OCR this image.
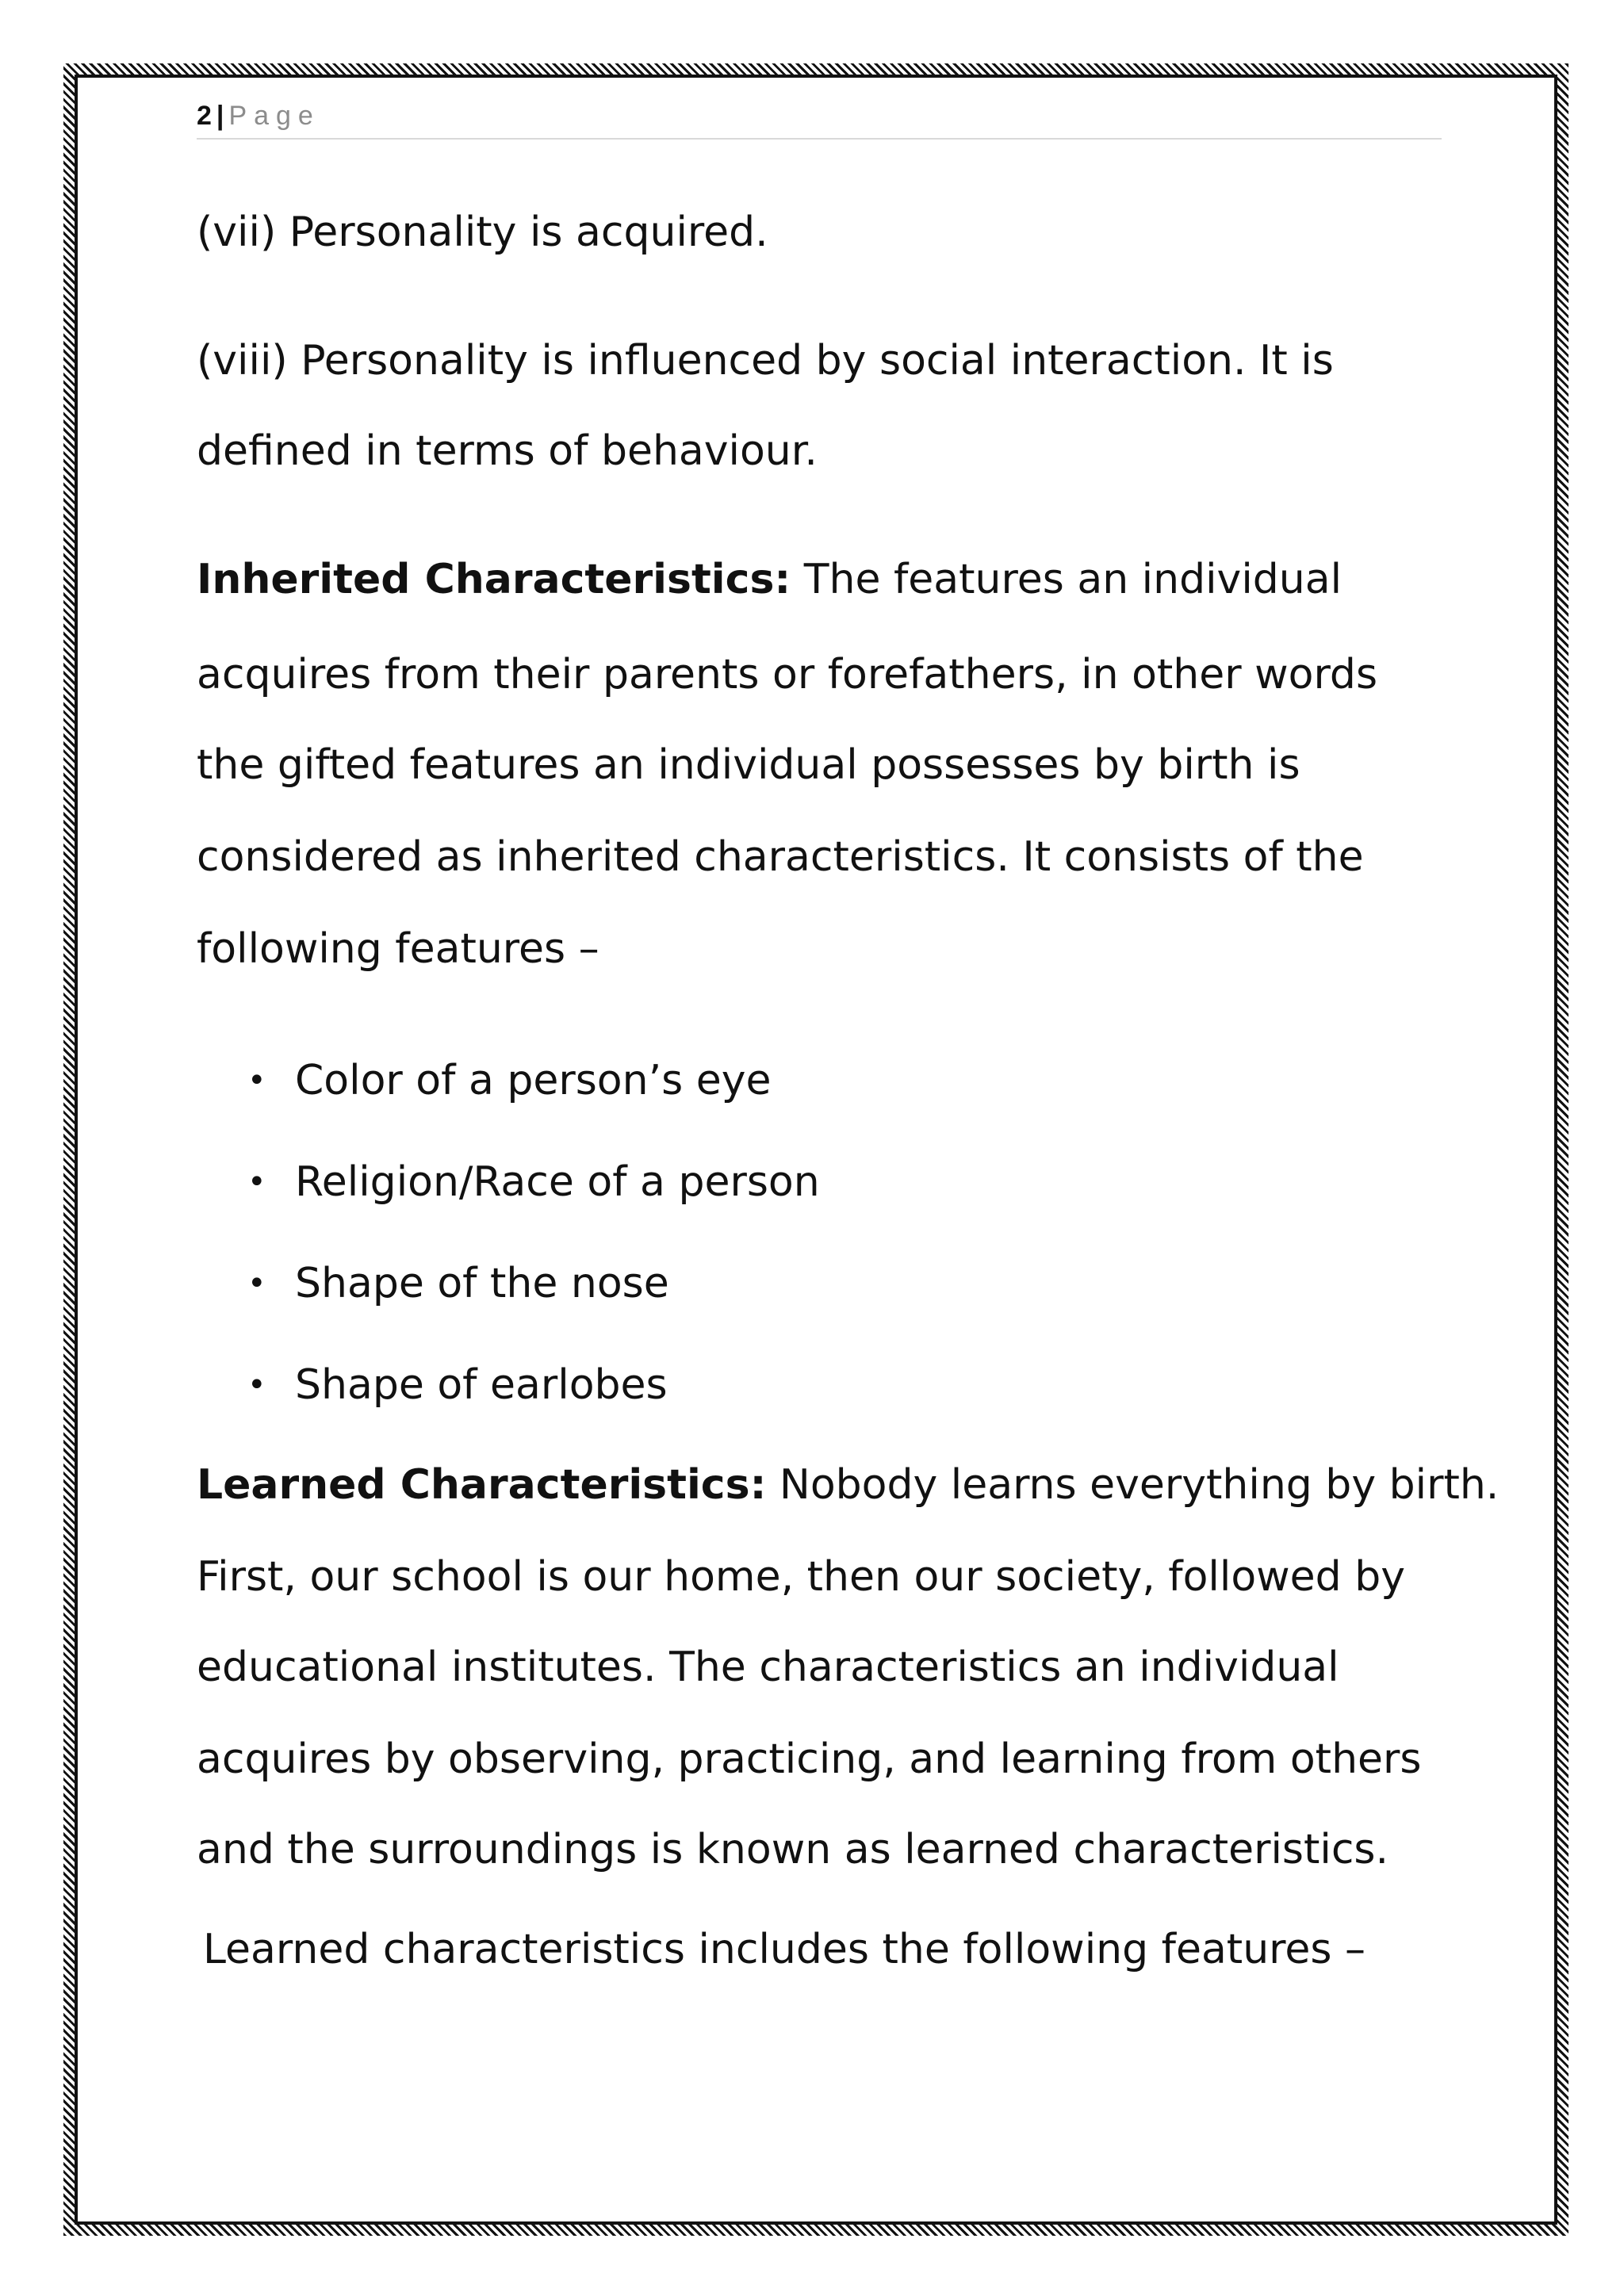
2 | Page
(vii) Personality is acquired.
(viii) Personality is influenced by social interaction. It is
defined in terms of behaviour.
Inherited Characteristics: The features an individual
acquires from their parents or forefathers, in other words
the gifted features an individual possesses by birth is
considered as inherited characteristics. It consists of the
following features –
• Color of a person’s eye
• Religion/Race of a person
• Shape of the nose
• Shape of earlobes
Learned Characteristics: Nobody learns everything by birth.
First, our school is our home, then our society, followed by
educational institutes. The characteristics an individual
acquires by observing, practicing, and learning from others
and the surroundings is known as learned characteristics.
Learned characteristics includes the following features –
